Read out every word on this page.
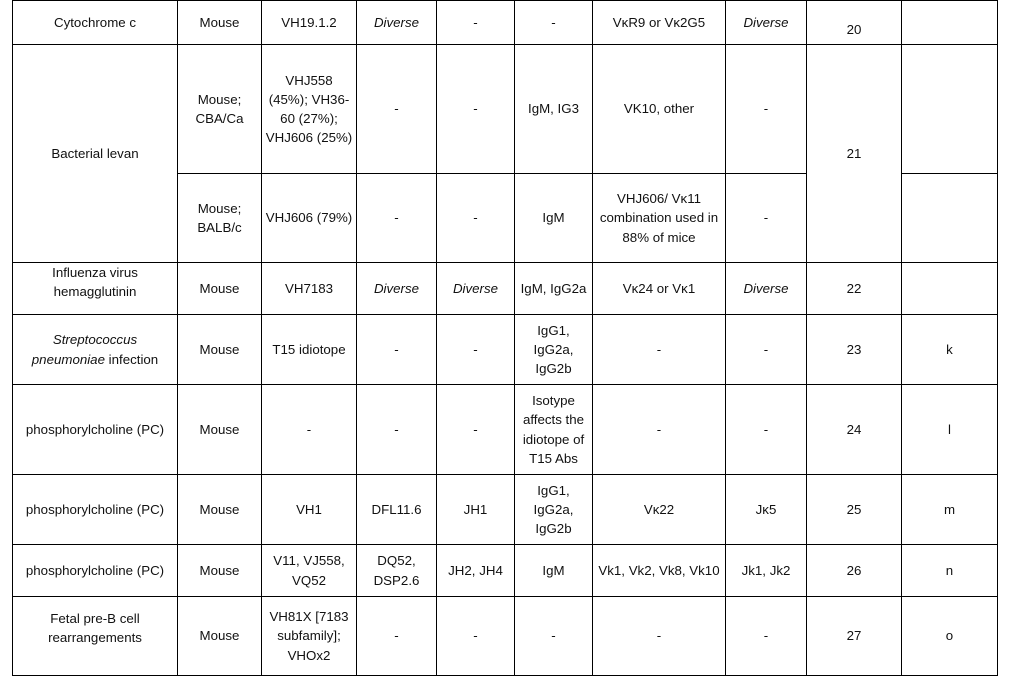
Cytochrome c	Mouse	VH19.1.2	Diverse	-	-	VκR9 or Vκ2G5	Diverse	20	
Bacterial levan	Mouse; CBA/Ca	VHJ558 (45%); VH36-60 (27%); VHJ606 (25%)	-	-	IgM, IG3	VK10, other	-	21	
	Mouse; BALB/c	VHJ606 (79%)	-	-	IgM	VHJ606/ Vκ11 combination used in 88% of mice	-		
Influenza virus hemagglutinin	Mouse	VH7183	Diverse	Diverse	IgM, IgG2a	Vκ24 or Vκ1	Diverse	22	
Streptococcus pneumoniae infection	Mouse	T15 idiotope	-	-	IgG1, IgG2a, IgG2b	-	-	23	k
phosphorylcholine (PC)	Mouse	-	-	-	Isotype affects the idiotope of T15 Abs	-	-	24	l
phosphorylcholine (PC)	Mouse	VH1	DFL11.6	JH1	IgG1, IgG2a, IgG2b	Vκ22	Jκ5	25	m
phosphorylcholine (PC)	Mouse	V11, VJ558, VQ52	DQ52, DSP2.6	JH2, JH4	IgM	Vk1, Vk2, Vk8, Vk10	Jk1, Jk2	26	n
Fetal pre-B cell rearrangements	Mouse	VH81X [7183 subfamily]; VHOx2	-	-	-	-	-	27	o
